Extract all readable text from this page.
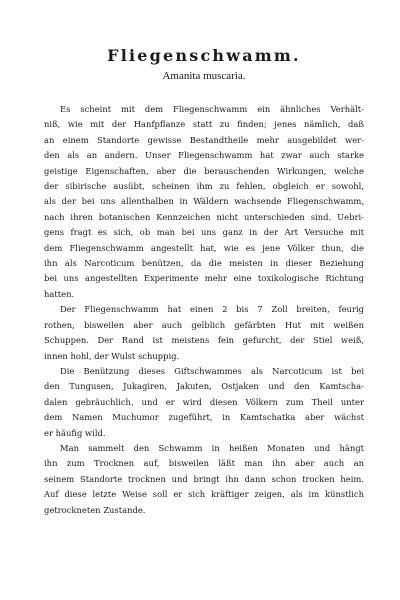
Fliegenschwamm.
Amanita muscaria.

Es scheint mit dem Fliegenschwamm ein ähnliches Verhält-
niß, wie mit der Hanfpflanze statt zu finden; jenes nämlich, daß
an einem Standorte gewisse Bestandtheile mehr ausgebildet wer-
den als an andern. Unser Fliegenschwamm hat zwar auch starke
geistige Eigenschaften, aber die berauschenden Wirkungen, welche
der sibirische ausübt, scheinen ihm zu fehlen, obgleich er sowohl,
als der bei uns allenthalben in Wäldern wachsende Fliegenschwamm,
nach ihren botanischen Kennzeichen nicht unterschieden sind. Uebri-
gens fragt es sich, ob man bei uns ganz in der Art Versuche mit
dem Fliegenschwamm angestellt hat, wie es jene Völker thun, die
ihn als Narcoticum benützen, da die meisten in dieser Beziehung
bei uns angestellten Experimente mehr eine toxikologische Richtung
hatten.

Der Fliegenschwamm hat einen 2 bis 7 Zoll breiten, feurig
rothen, bisweilen aber auch gelblich gefärbten Hut mit weißen
Schuppen. Der Rand ist meistens fein gefurcht, der Stiel weiß,
innen hohl, der Wulst schuppig.

Die Benützung dieses Giftschwammes als Narcoticum ist bei
den Tungusen, Jukagiren, Jakuten, Ostjaken und den Kamtscha-
dalen gebräuchlich, und er wird diesen Völkern zum Theil unter
dem Namen Muchumor zugeführt, in Kamtschatka aber wächst
er häufig wild.

Man sammelt den Schwamm in heißen Monaten und hängt
ihn zum Trocknen auf, bisweilen läßt man ihn aber auch an
seinem Standorte trocknen und bringt ihn dann schon trocken heim.
Auf diese letzte Weise soll er sich kräftiger zeigen, als im künstlich
getrockneten Zustande.
